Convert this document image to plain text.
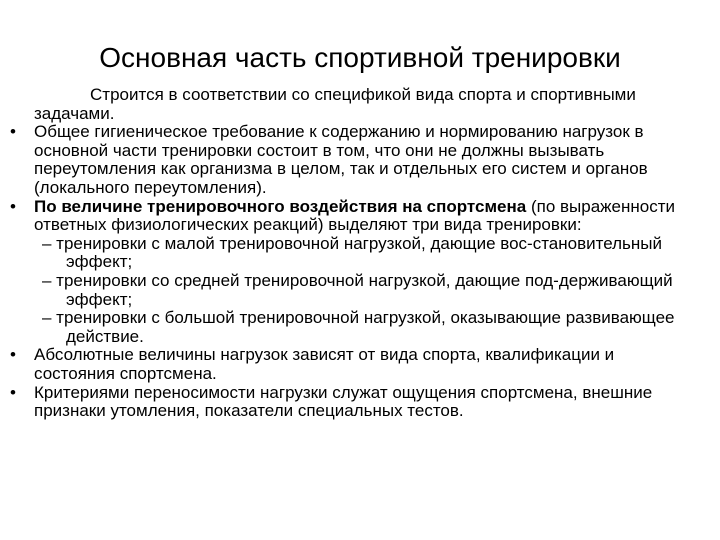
Основная часть спортивной тренировки

Строится в соответствии со спецификой вида спорта и спортивными задачами.

• Общее гигиеническое требование к содержанию и нормированию нагрузок в основной части тренировки состоит в том, что они не должны вызывать переутомления как организма в целом, так и отдельных его систем и органов (локального переутомления).

• По величине тренировочного воздействия на спортсмена (по выраженности ответных физиологических реакций) выделяют три вида тренировки:

– тренировки с малой тренировочной нагрузкой, дающие вос-становительный эффект;

– тренировки со средней тренировочной нагрузкой, дающие под-держивающий эффект;

– тренировки с большой тренировочной нагрузкой, оказывающие развивающее действие.

• Абсолютные величины нагрузок зависят от вида спорта, квалификации и состояния спортсмена.

• Критериями переносимости нагрузки служат ощущения спортсмена, внешние признаки утомления, показатели специальных тестов.
